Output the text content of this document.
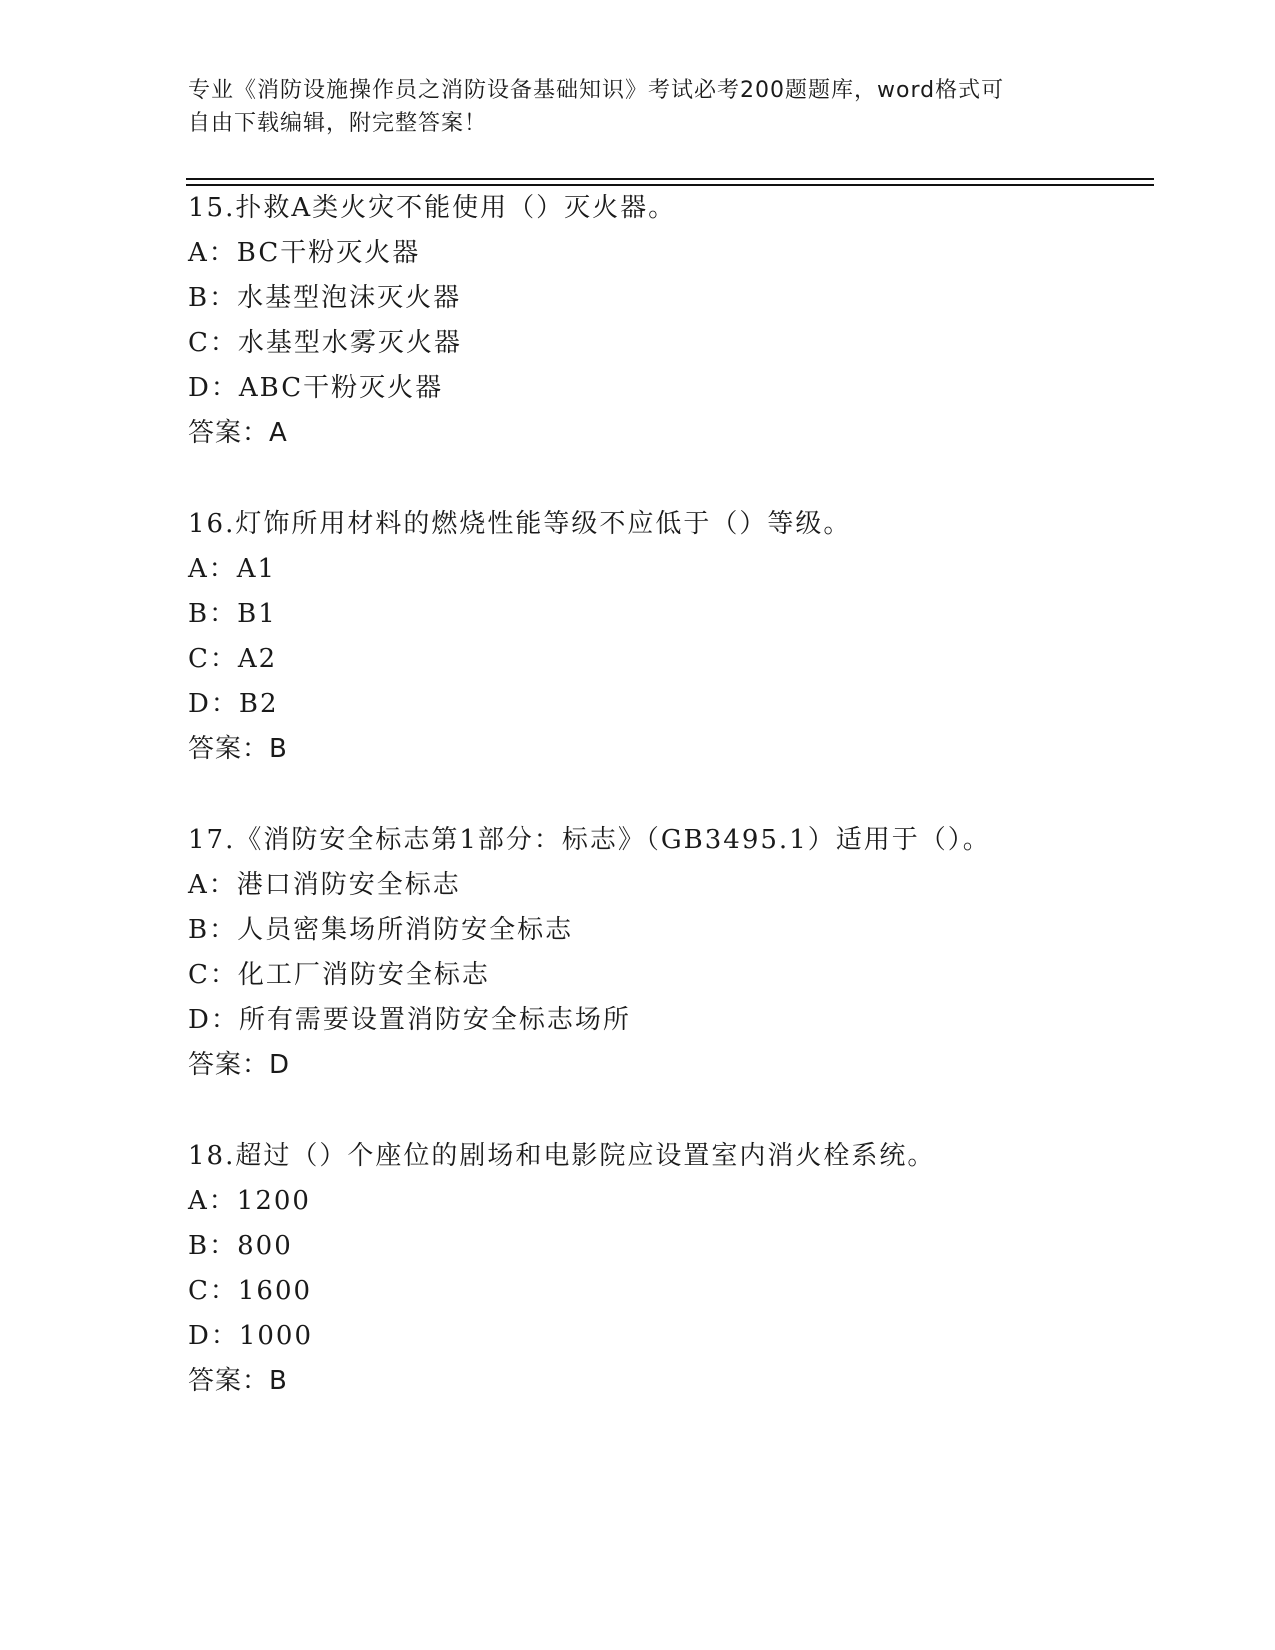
专业《消防设施操作员之消防设备基础知识》考试必考200题题库，word格式可
自由下载编辑，附完整答案！
15.扑救A类火灾不能使用（）灭火器。
A：BC干粉灭火器
B：水基型泡沫灭火器
C：水基型水雾灭火器
D：ABC干粉灭火器
答案：A
16.灯饰所用材料的燃烧性能等级不应低于（）等级。
A：A1
B：B1
C：A2
D：B2
答案：B
17.《消防安全标志第1部分：标志》（GB3495.1）适用于（）。
A：港口消防安全标志
B：人员密集场所消防安全标志
C：化工厂消防安全标志
D：所有需要设置消防安全标志场所
答案：D
18.超过（）个座位的剧场和电影院应设置室内消火栓系统。
A：1200
B：800
C：1600
D：1000
答案：B
